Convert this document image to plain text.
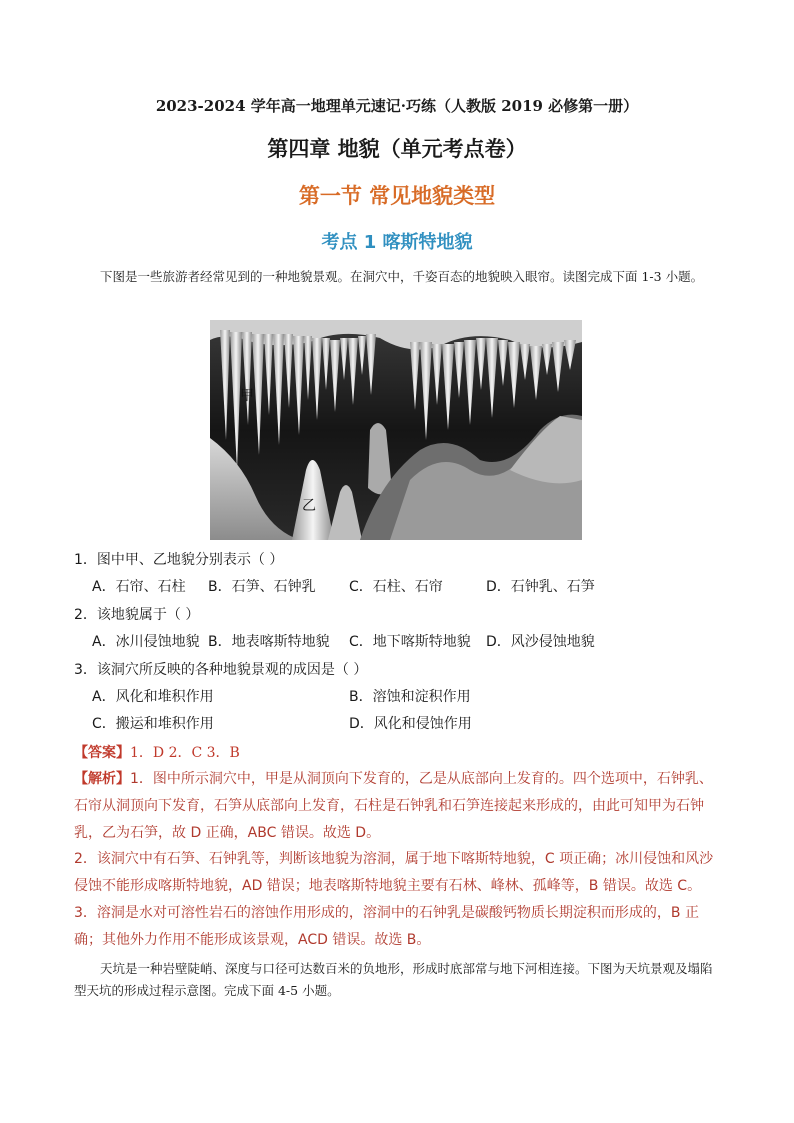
2023-2024 学年高一地理单元速记·巧练（人教版 2019 必修第一册）
第四章 地貌（单元考点卷）
第一节 常见地貌类型
考点 1 喀斯特地貌
下图是一些旅游者经常见到的一种地貌景观。在洞穴中，千姿百态的地貌映入眼帘。读图完成下面 1-3 小题。
甲
乙
1．图中甲、乙地貌分别表示（ ）
A．石帘、石柱 B．石笋、石钟乳 C．石柱、石帘	D．石钟乳、石笋
2．该地貌属于（ ）
A．冰川侵蚀地貌 B．地表喀斯特地貌 C．地下喀斯特地貌 D．风沙侵蚀地貌
3．该洞穴所反映的各种地貌景观的成因是（ ）
A．风化和堆积作用	B．溶蚀和淀积作用
C．搬运和堆积作用	D．风化和侵蚀作用
【答案】1．D 2．C 3．B
【解析】1．图中所示洞穴中，甲是从洞顶向下发育的，乙是从底部向上发育的。四个选项中，石钟乳、石帘从洞顶向下发育，石笋从底部向上发育，石柱是石钟乳和石笋连接起来形成的，由此可知甲为石钟乳，乙为石笋，故 D 正确，ABC 错误。故选 D。
2．该洞穴中有石笋、石钟乳等，判断该地貌为溶洞，属于地下喀斯特地貌，C 项正确；冰川侵蚀和风沙侵蚀不能形成喀斯特地貌，AD 错误；地表喀斯特地貌主要有石林、峰林、孤峰等，B 错误。故选 C。
3．溶洞是水对可溶性岩石的溶蚀作用形成的，溶洞中的石钟乳是碳酸钙物质长期淀积而形成的，B 正确；其他外力作用不能形成该景观，ACD 错误。故选 B。
天坑是一种岩壁陡峭、深度与口径可达数百米的负地形，形成时底部常与地下河相连接。下图为天坑景观及塌陷型天坑的形成过程示意图。完成下面 4-5 小题。
